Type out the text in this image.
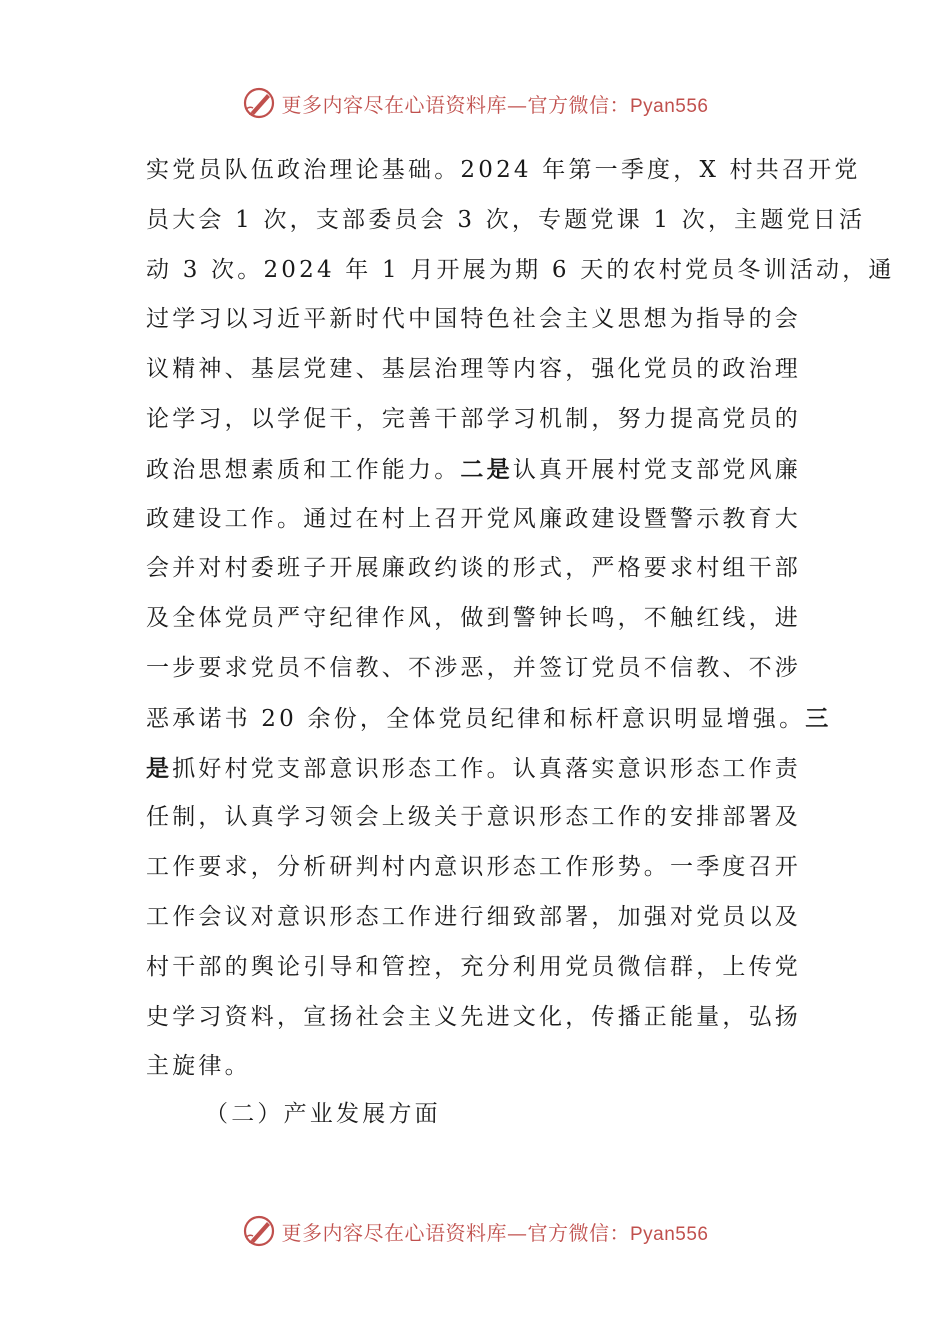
更多内容尽在心语资料库—官方微信：Pyan556
实党员队伍政治理论基础。2024 年第一季度，X 村共召开党
员大会 1 次，支部委员会 3 次，专题党课 1 次，主题党日活
动 3 次。2024 年 1 月开展为期 6 天的农村党员冬训活动，通
过学习以习近平新时代中国特色社会主义思想为指导的会
议精神、基层党建、基层治理等内容，强化党员的政治理
论学习，以学促干，完善干部学习机制，努力提高党员的
政治思想素质和工作能力。二是认真开展村党支部党风廉
政建设工作。通过在村上召开党风廉政建设暨警示教育大
会并对村委班子开展廉政约谈的形式，严格要求村组干部
及全体党员严守纪律作风，做到警钟长鸣，不触红线，进
一步要求党员不信教、不涉恶，并签订党员不信教、不涉
恶承诺书 20 余份，全体党员纪律和标杆意识明显增强。三
是抓好村党支部意识形态工作。认真落实意识形态工作责
任制，认真学习领会上级关于意识形态工作的安排部署及
工作要求，分析研判村内意识形态工作形势。一季度召开
工作会议对意识形态工作进行细致部署，加强对党员以及
村干部的舆论引导和管控，充分利用党员微信群，上传党
史学习资料，宣扬社会主义先进文化，传播正能量，弘扬
主旋律。
（二）产业发展方面
更多内容尽在心语资料库—官方微信：Pyan556
